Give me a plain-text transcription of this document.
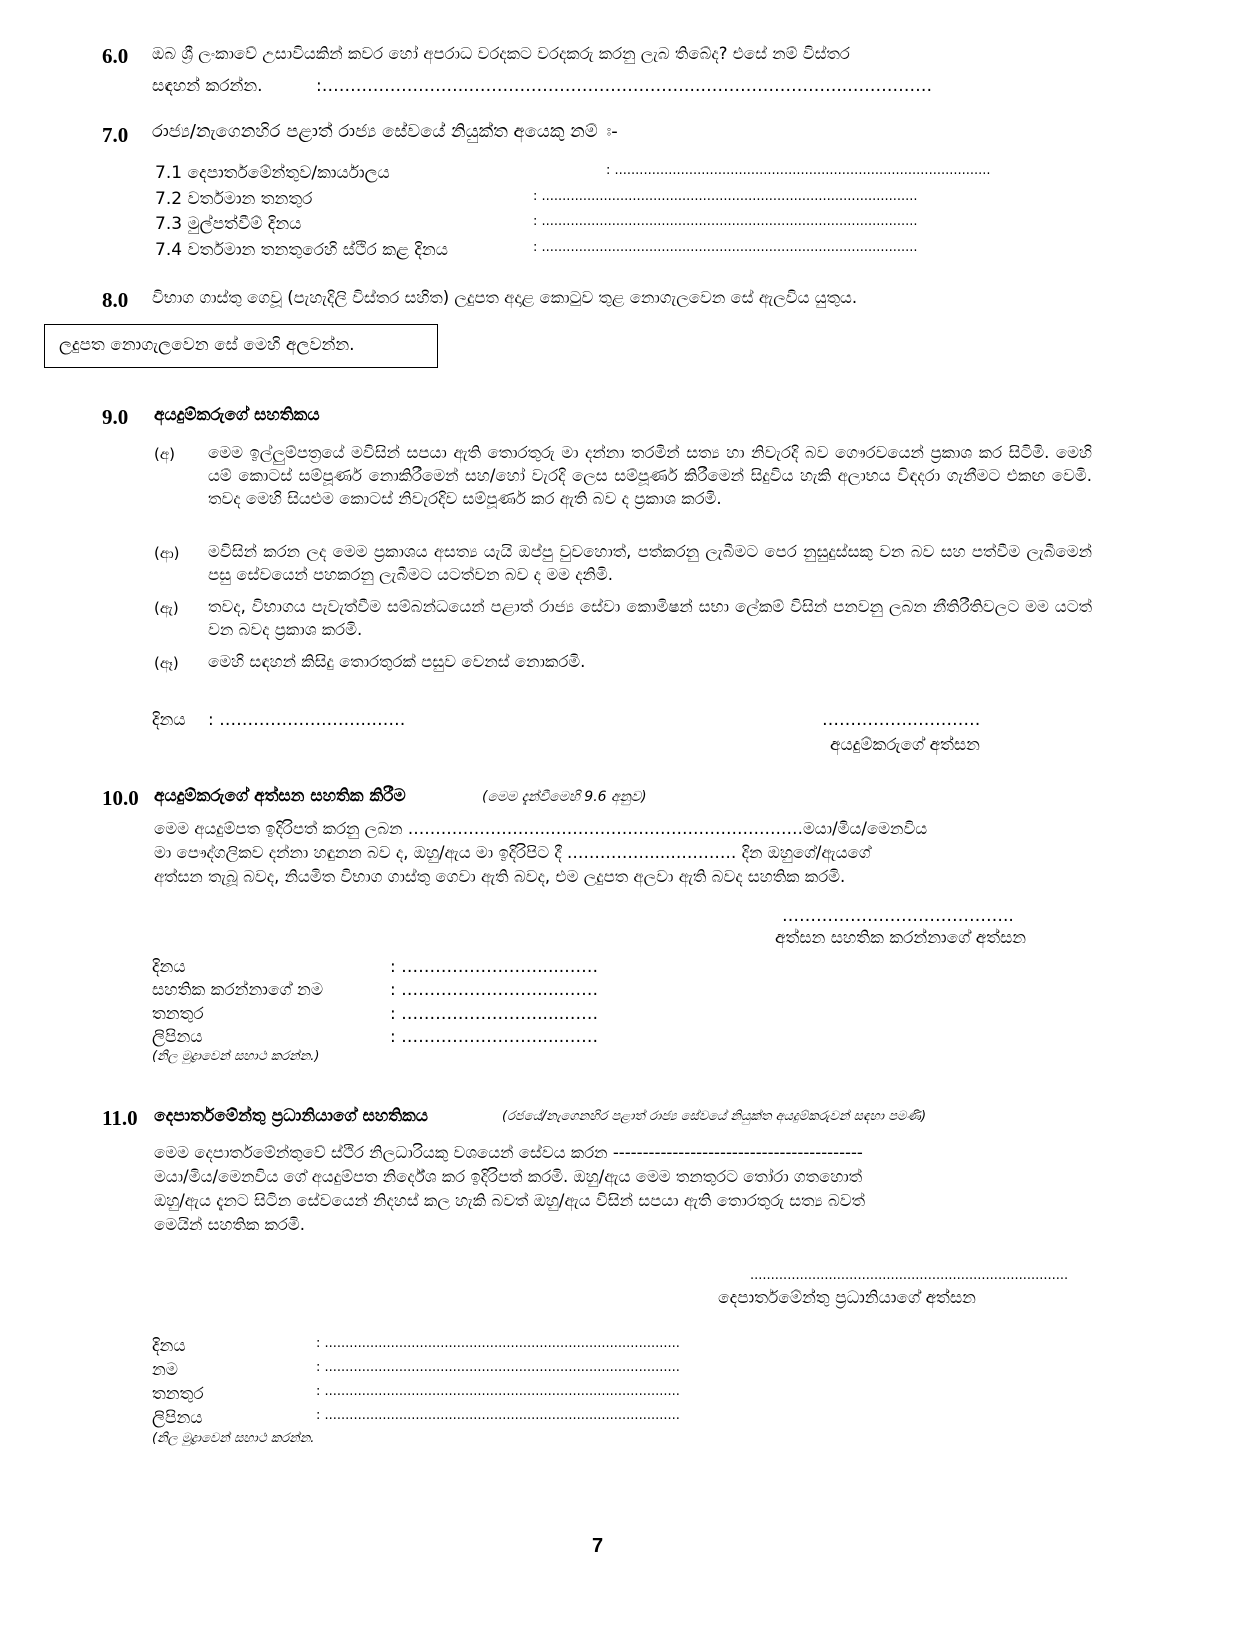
6.0 ඔබ ශ්‍රී ලංකාවේ උසාවියකින් කවර හෝ අපරාධ වරදකට වරදකරු කරනු ලැබ තිබේද? එසේ නම් විස්තර
සඳහන් කරන්න.	:……………………..…………………………………..……………………..……………
7.0 රාජ්‍ය/නැගෙනහිර පළාත් රාජ්‍ය සේවයේ නියුක්ත අයෙකු නම් ඃ-
7.1 දෙපාර්තමේන්තුව/කාර්යාලය	: ...........................................................................................
7.2 වර්තමාන තනතුර	: ...........................................................................................
7.3 මුල්පත්වීම් දිනය	: ...........................................................................................
7.4 වර්තමාන තනතුරෙහි ස්ථිර කළ දිනය	: ...........................................................................................
8.0 විභාග ගාස්තු ගෙවූ (පැහැදිලි විස්තර සහිත) ලදුපත අදාළ කොටුව තුළ නොගැලවෙන සේ ඇලවිය යුතුය.
ලදුපත නොගැලවෙන සේ මෙහි අලවන්න.
9.0 අයදුම්කරුගේ සහතිකය
(අ) මෙම ඉල්ලුම්පත්‍රයේ මවිසින් සපයා ඇති තොරතුරු මා දන්නා තරමින් සත්‍ය හා නිවැරදි බව ගෞරවයෙන් ප්‍රකාශ කර සිටිමි. මෙහි යම් කොටස් සම්පූර්ණ නොකිරීමෙන් සහ/හෝ වැරදි ලෙස සම්පූර්ණ කිරීමෙන් සිදුවිය හැකි අලාභය විඳදරා ගැනීමට එකඟ වෙමි. තවද මෙහි සියළුම කොටස් නිවැරදිව සම්පූර්ණ කර ඇති බව ද ප්‍රකාශ කරමි.
(ආ) මවිසින් කරන ලද මෙම ප්‍රකාශය අසත්‍ය යැයි ඔප්පු වුවහොත්, පත්කරනු ලැබීමට පෙර නුසුදුස්සකු වන බව සහ පත්වීම ලැබීමෙන් පසු සේවයෙන් පහකරනු ලැබීමට යටත්වන බව ද මම දනිමි.
(ඇ) තවද, විභාගය පැවැත්වීම සම්බන්ධයෙන් පළාත් රාජ්‍ය සේවා කොමිෂන් සභා ලේකම් විසින් පනවනු ලබන නීතිරීතිවලට මම යටත් වන බවද ප්‍රකාශ කරමි.
(ඈ) මෙහි සඳහන් කිසිදු තොරතුරක් පසුව වෙනස් නොකරමි.
දිනය : ……………….……..……	…………….…………
අයදුම්කරුගේ අත්සන
10.0 අයදුම්කරුගේ අත්සන සහතික කිරීම	(මෙම දැන්වීමෙහි 9.6 අනුව)
මෙම අයදුම්පත ඉදිරිපත් කරනු ලබන ……………………..……………….………………………මයා/මිය/මෙනවිය
මා පෞද්ගලිකව දන්නා හඳුනන බව ද, ඔහු/ඇය මා ඉදිරිපිට දී ……………....………… දින ඔහුගේ/ඇයගේ
අත්සන තැබූ බවද, නියමිත විභාග ගාස්තු ගෙවා ඇති බවද, එම ලදුපත අලවා ඇති බවද සහතික කරමි.
…………………………………..
අත්සන සහතික කරන්නාගේ අත්සන
දිනය	: …………………….....……
සහතික කරන්නාගේ නම	: …………………….....……
තනතුර	: …………………….....……
ලිපිනය	: …………………….....……
(නිල මුද්‍රාවෙන් සහාථ කරන්න.)
11.0 දෙපාර්තමේන්තු ප්‍රධානියාගේ සහතිකය	(රජයේ/නැගෙනහිර පළාත් රාජ්‍ය සේවයේ නියුක්ත අයදුම්කරුවන් සඳහා පමණි)
මෙම දෙපාර්තමේන්තුවේ ස්ථිර නිලධාරියකු වශයෙන් සේවය කරන ------------------------------------------
මයා/මිය/මෙනවිය ගේ අයදුම්පත නිර්දේශ කර ඉදිරිපත් කරමි. ඔහු/ඇය මෙම තනතුරට තෝරා ගතහොත්
ඔහු/ඇය දැනට සිටින සේවයෙන් නිදහස් කල හැකි බවත් ඔහු/ඇය විසින් සපයා ඇති තොරතුරු සත්‍ය බවත්
මෙයින් සහතික කරමි.
.............................................................................
දෙපාර්තමේන්තු ප්‍රධානියාගේ අත්සන
දිනය	: ......................................................................................
නම	: ......................................................................................
තනතුර	: ......................................................................................
ලිපිනය	: ......................................................................................
(නිල මුද්‍රාවෙන් සහාථ කරන්න.
7
